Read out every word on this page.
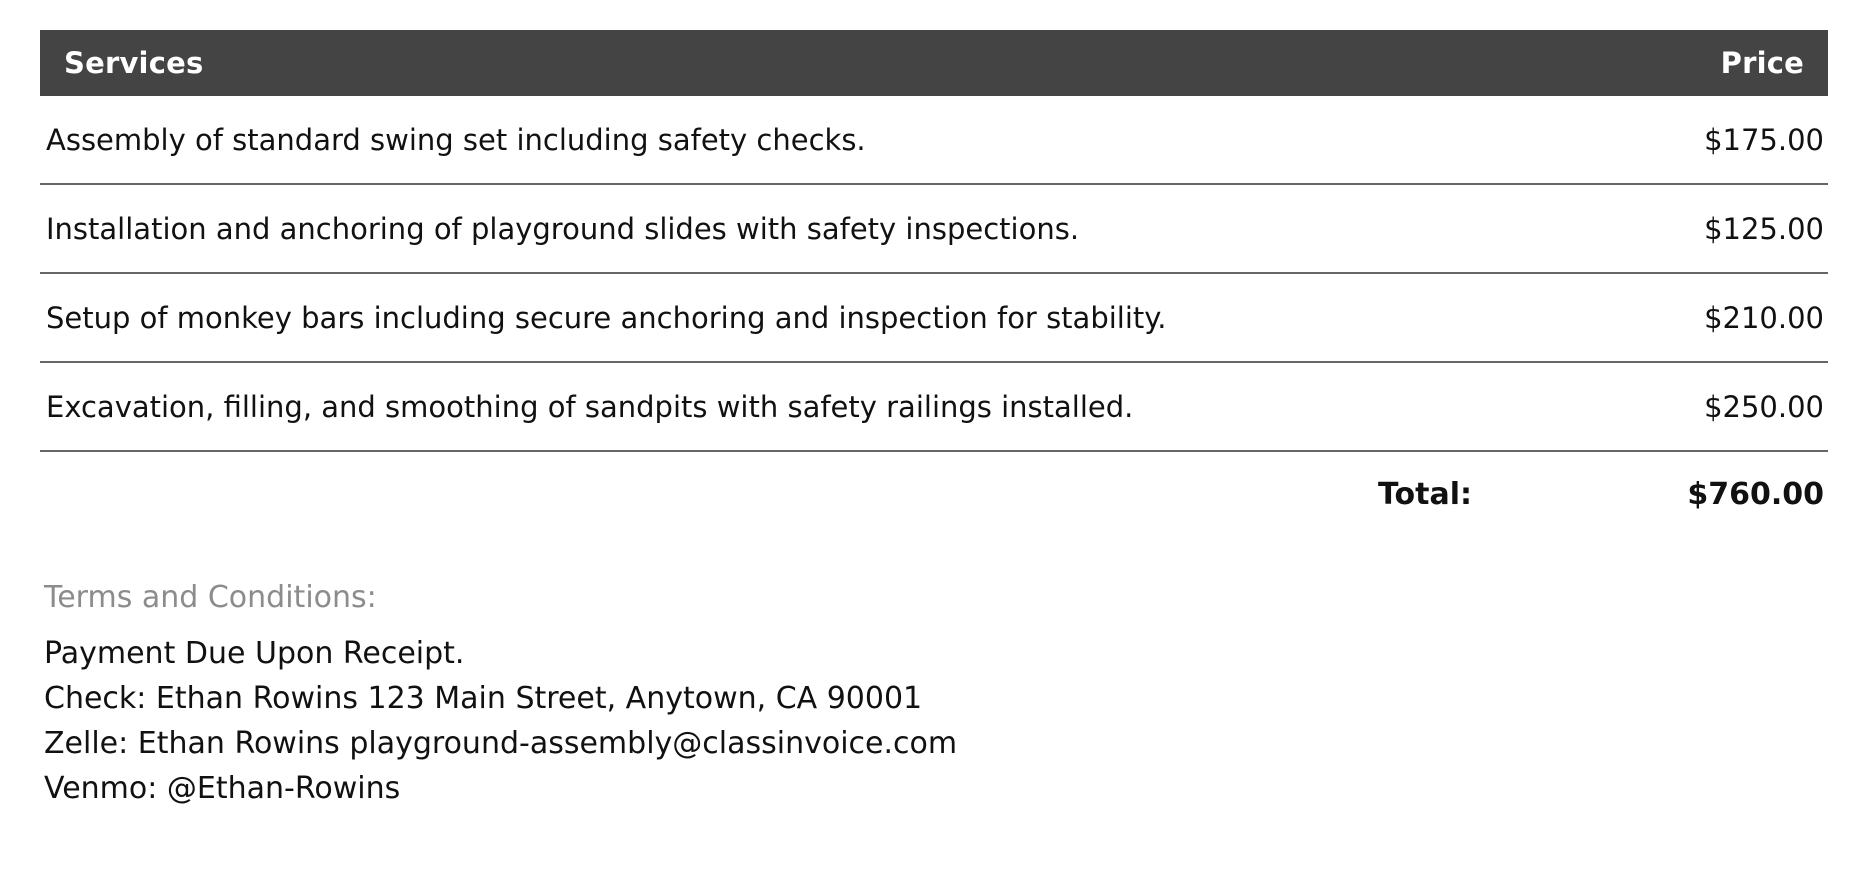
Services	Price
Assembly of standard swing set including safety checks.	$175.00
Installation and anchoring of playground slides with safety inspections.	$125.00
Setup of monkey bars including secure anchoring and inspection for stability.	$210.00
Excavation, filling, and smoothing of sandpits with safety railings installed.	$250.00
Total:	$760.00
Terms and Conditions:
Payment Due Upon Receipt.
Check: Ethan Rowins 123 Main Street, Anytown, CA 90001
Zelle: Ethan Rowins playground-assembly@classinvoice.com
Venmo: @Ethan-Rowins
